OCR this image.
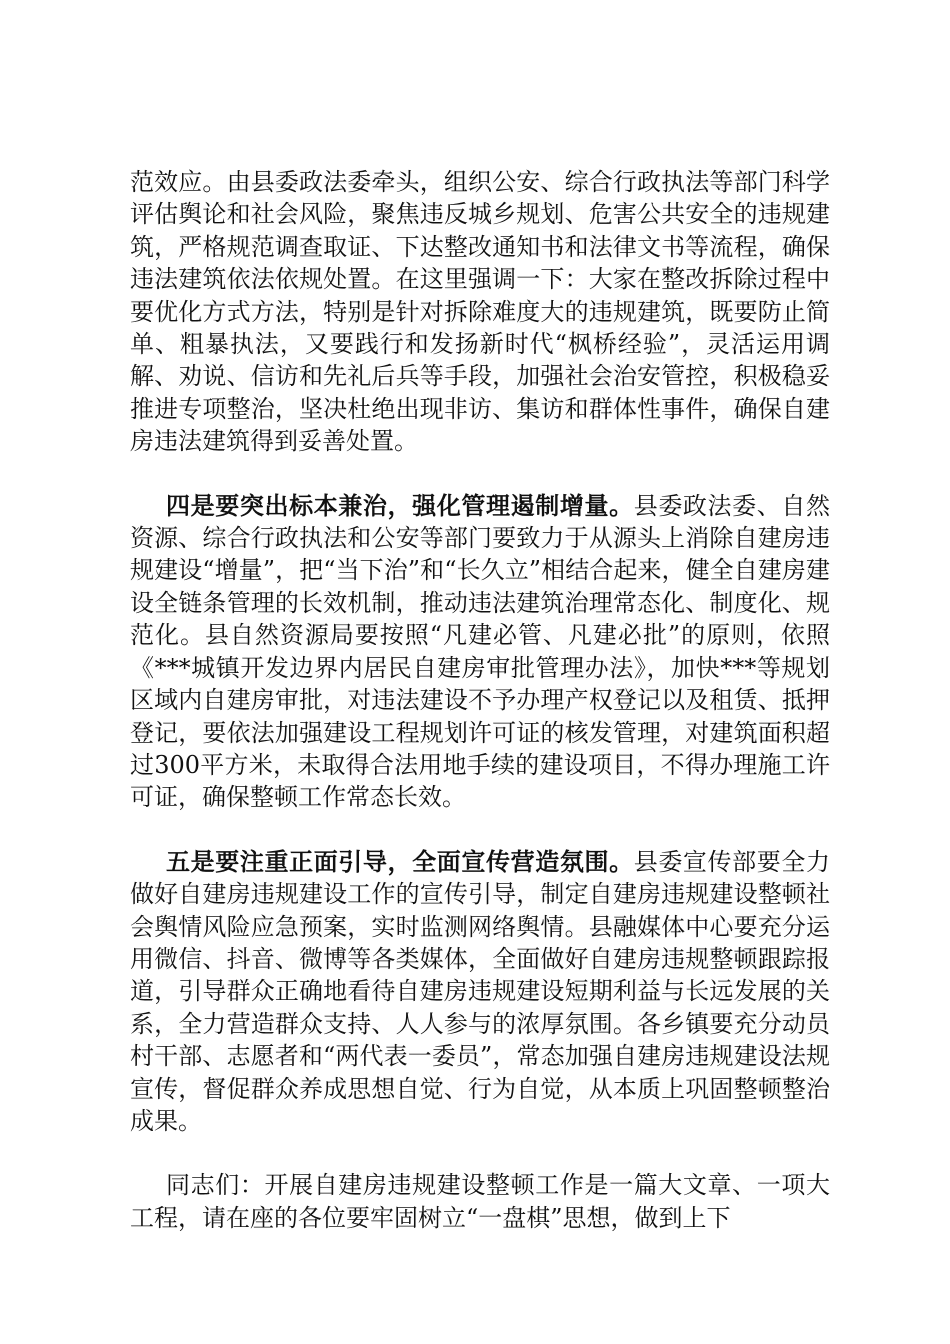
范效应。由县委政法委牵头，组织公安、综合行政执法等部门科学评估舆论和社会风险，聚焦违反城乡规划、危害公共安全的违规建筑，严格规范调查取证、下达整改通知书和法律文书等流程，确保违法建筑依法依规处置。在这里强调一下：大家在整改拆除过程中要优化方式方法，特别是针对拆除难度大的违规建筑，既要防止简单、粗暴执法，又要践行和发扬新时代“枫桥经验”，灵活运用调解、劝说、信访和先礼后兵等手段，加强社会治安管控，积极稳妥推进专项整治，坚决杜绝出现非访、集访和群体性事件，确保自建房违法建筑得到妥善处置。

四是要突出标本兼治，强化管理遏制增量。县委政法委、自然资源、综合行政执法和公安等部门要致力于从源头上消除自建房违规建设“增量”，把“当下治”和“长久立”相结合起来，健全自建房建设全链条管理的长效机制，推动违法建筑治理常态化、制度化、规范化。县自然资源局要按照“凡建必管、凡建必批”的原则，依照《***城镇开发边界内居民自建房审批管理办法》，加快***等规划区域内自建房审批，对违法建设不予办理产权登记以及租赁、抵押登记，要依法加强建设工程规划许可证的核发管理，对建筑面积超过300平方米，未取得合法用地手续的建设项目，不得办理施工许可证，确保整顿工作常态长效。

五是要注重正面引导，全面宣传营造氛围。县委宣传部要全力做好自建房违规建设工作的宣传引导，制定自建房违规建设整顿社会舆情风险应急预案，实时监测网络舆情。县融媒体中心要充分运用微信、抖音、微博等各类媒体，全面做好自建房违规整顿跟踪报道，引导群众正确地看待自建房违规建设短期利益与长远发展的关系，全力营造群众支持、人人参与的浓厚氛围。各乡镇要充分动员村干部、志愿者和“两代表一委员”，常态加强自建房违规建设法规宣传，督促群众养成思想自觉、行为自觉，从本质上巩固整顿整治成果。

同志们：开展自建房违规建设整顿工作是一篇大文章、一项大工程，请在座的各位要牢固树立“一盘棋”思想，做到上下
